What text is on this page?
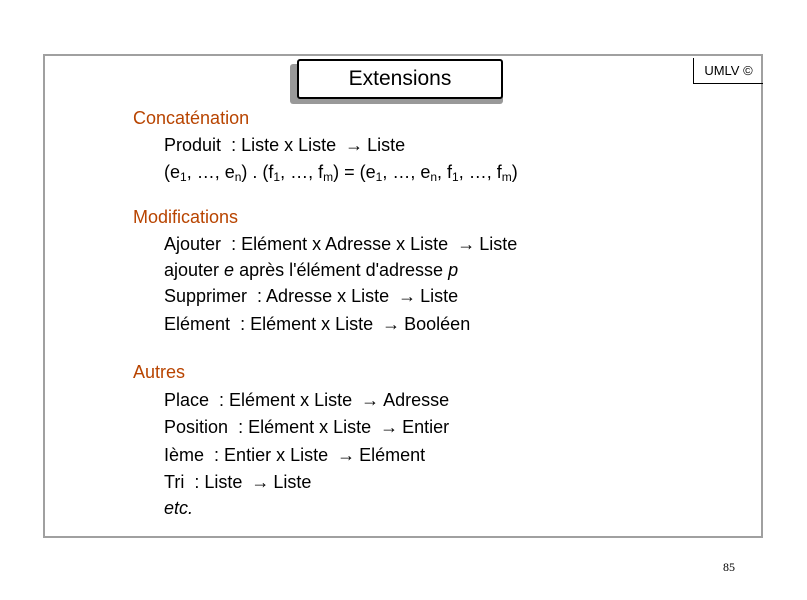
Extensions	UMLV ©
Concaténation
Produit : Liste x Liste → Liste
($e_1$, …, $e_n$) . ($f_1$, …, $f_m) = (e_1$, …, $e_n$, $f_1$, …, $f_m$)
Modifications
Ajouter : Elément x Adresse x Liste → Liste
ajouter e après l'élément d'adresse p
Supprimer : Adresse x Liste → Liste
Elément : Elément x Liste → Booléen
Autres
Place : Elément x Liste → Adresse
Position : Elément x Liste → Entier
Ième : Entier x Liste → Elément
Tri : Liste → Liste
etc.
85
